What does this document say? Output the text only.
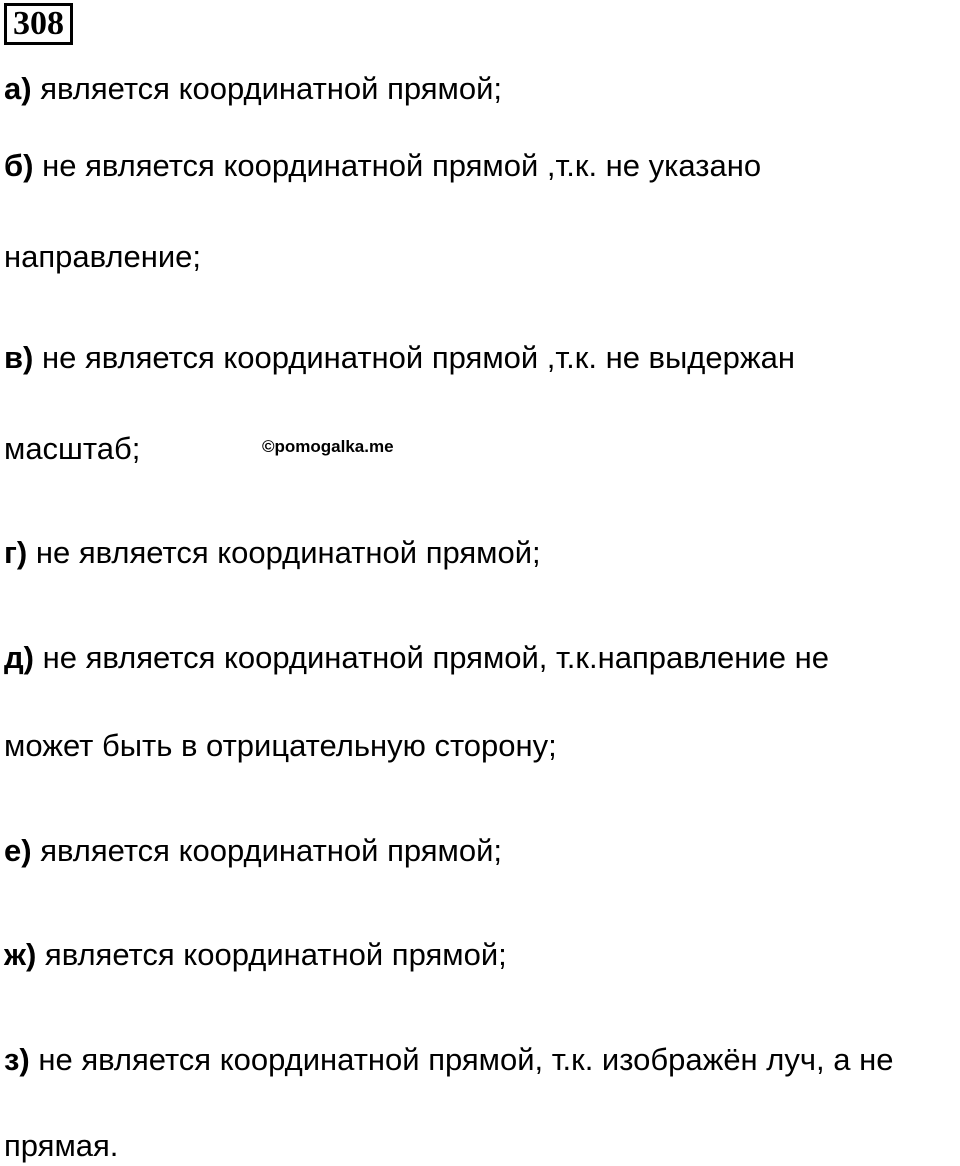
308
а) является координатной прямой;
б) не является координатной прямой ,т.к. не указано
направление;
в) не является координатной прямой ,т.к. не выдержан
масштаб;	©pomogalka.me
г) не является координатной прямой;
д) не является координатной прямой, т.к.направление не
может быть в отрицательную сторону;
е) является координатной прямой;
ж) является координатной прямой;
з) не является координатной прямой, т.к. изображён луч, а не
прямая.
